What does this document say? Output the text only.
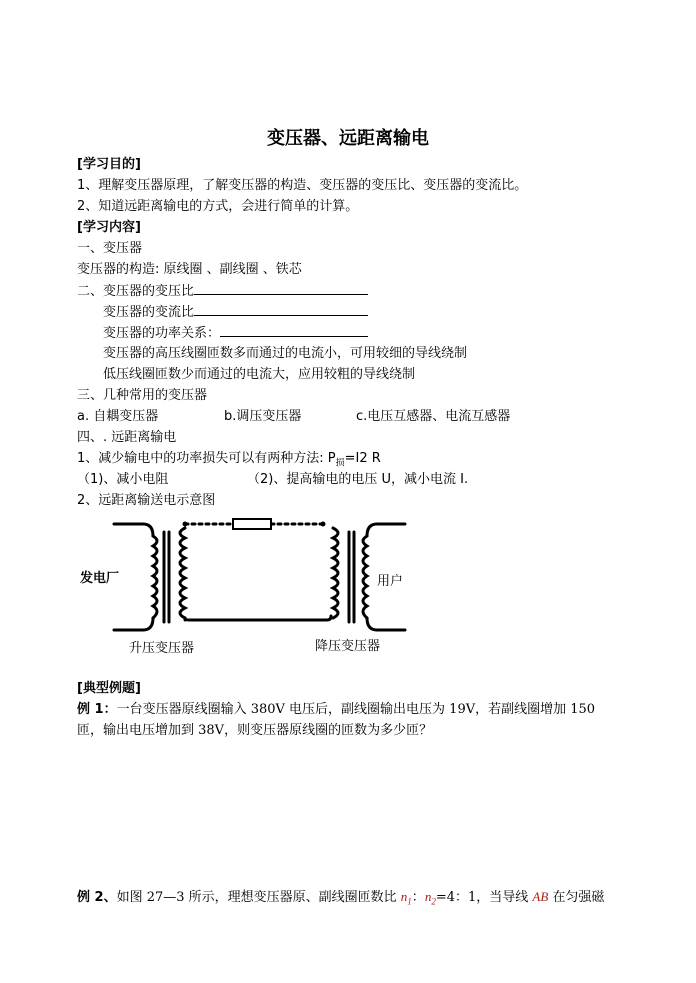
变压器、远距离输电
[学习目的]
1、理解变压器原理，了解变压器的构造、变压器的变压比、变压器的变流比。
2、知道远距离输电的方式，会进行简单的计算。
[学习内容]
一、变压器
变压器的构造: 原线圈 、副线圈 、铁芯
二、变压器的变压比
变压器的变流比
变压器的功率关系：
变压器的高压线圈匝数多而通过的电流小，可用较细的导线绕制
低压线圈匝数少而通过的电流大，应用较粗的导线绕制
三、几种常用的变压器
a. 自耦变压器	b.调压变压器	c.电压互感器、电流互感器
四、. 远距离输电
1、减少输电中的功率损失可以有两种方法: $P_损=I2$ R
（1)、减小电阻	（2)、提高输电的电压 U，减小电流 I.
2、远距离输送电示意图
发电厂	用户
升压变压器	降压变压器
[典型例题]
例 1：一台变压器原线圈输入 380V 电压后，副线圈输出电压为 19V，若副线圈增加 150
匝，输出电压增加到 38V，则变压器原线圈的匝数为多少匝？
例 2、如图 27—3 所示，理想变压器原、副线圈匝数比 $n_1$：$n_2=4$：1，当导线 AB 在匀强磁
